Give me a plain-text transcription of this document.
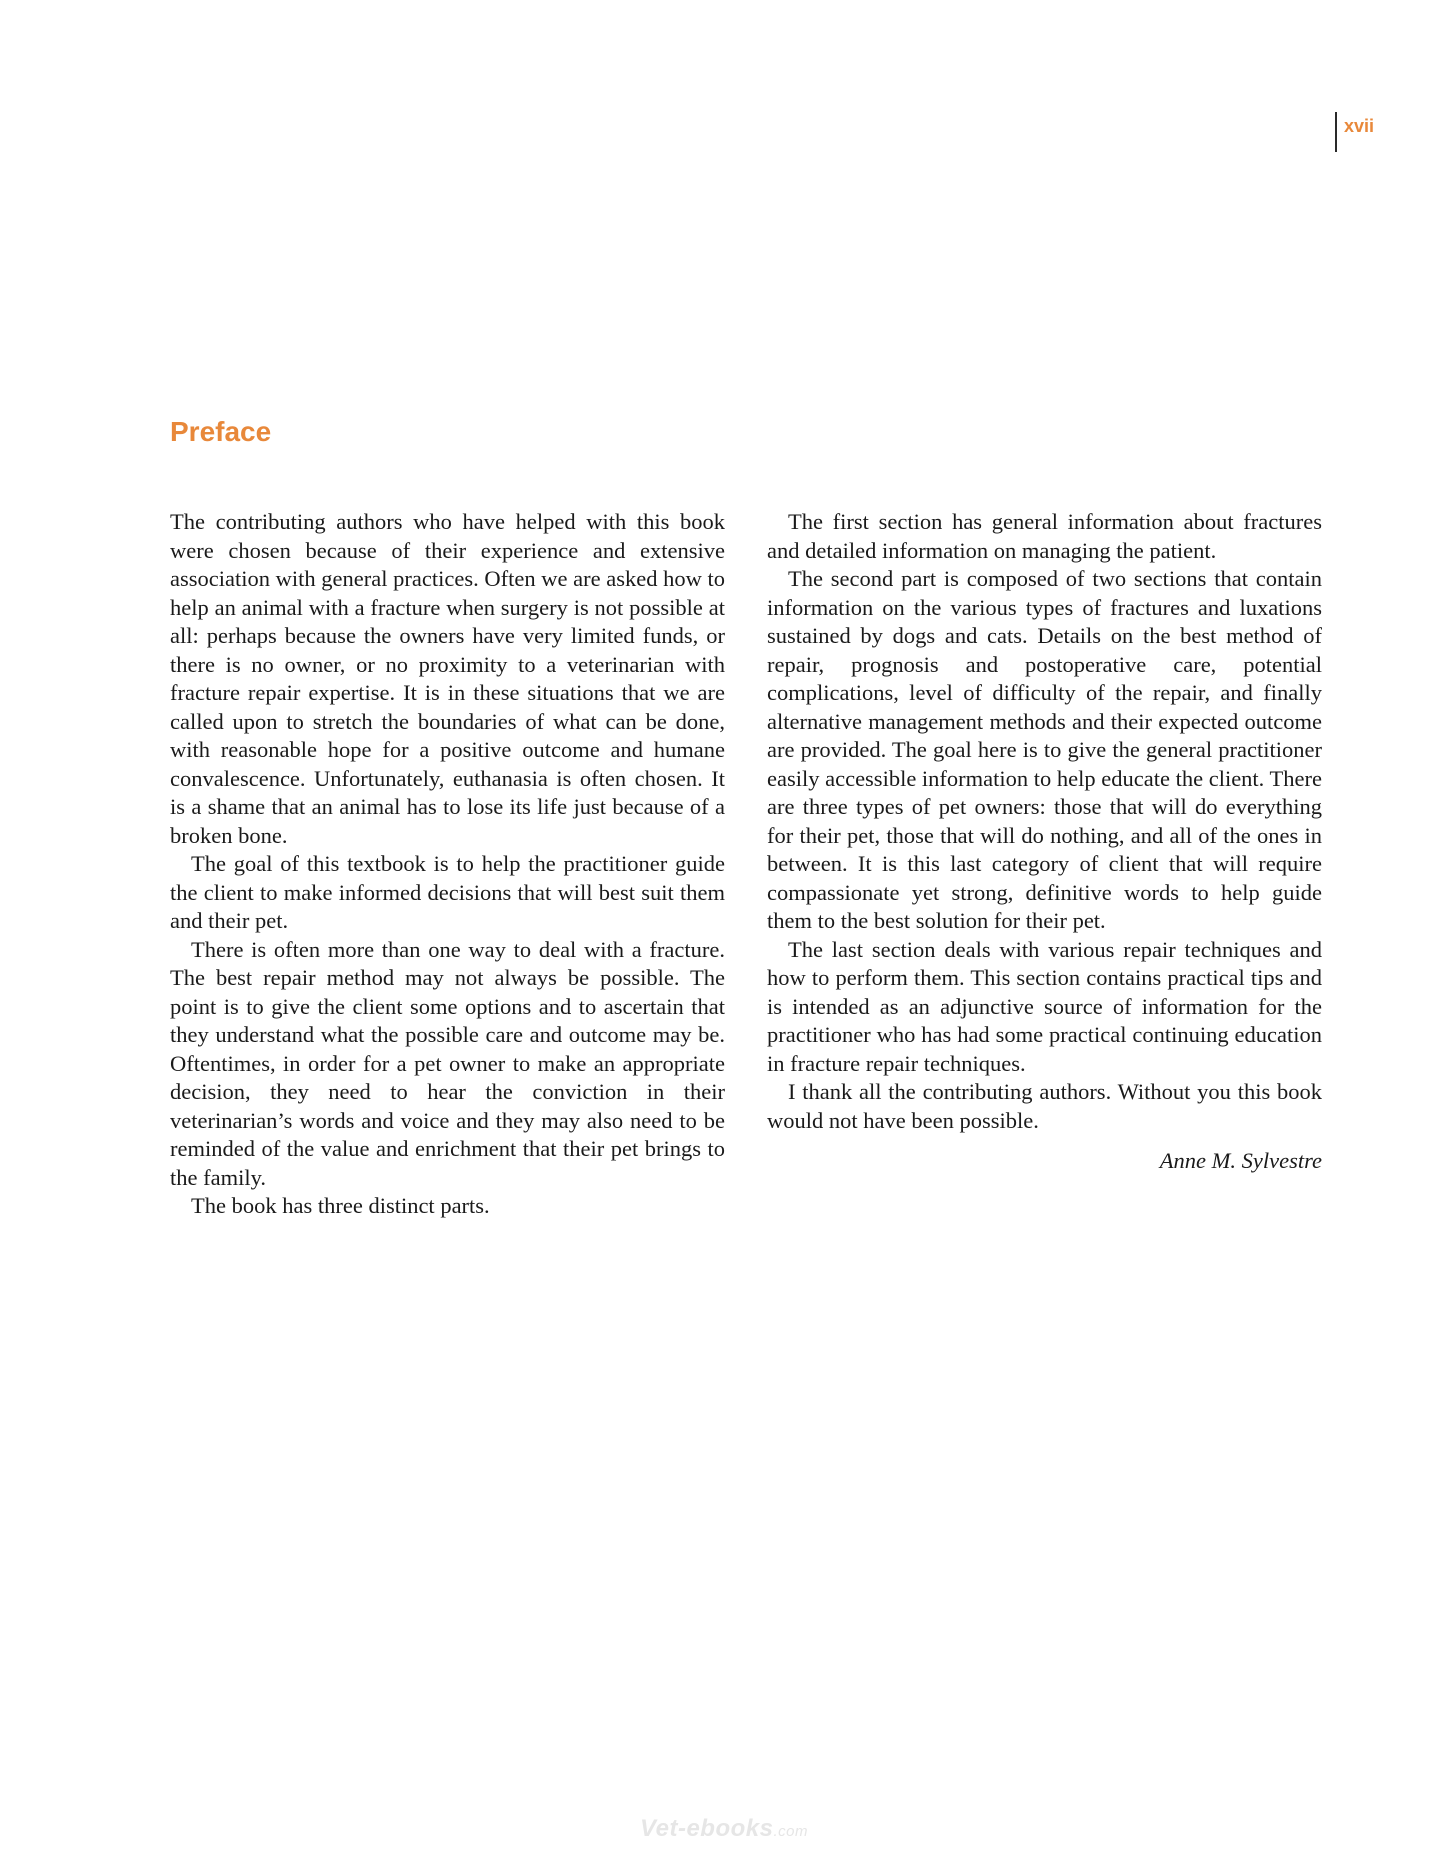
xvii
Preface

The contributing authors who have helped with this book were chosen because of their experience and extensive association with general practices. Often we are asked how to help an animal with a fracture when surgery is not possible at all: perhaps because the owners have very limited funds, or there is no owner, or no proximity to a veterinarian with fracture repair expertise. It is in these situations that we are called upon to stretch the boundaries of what can be done, with reasonable hope for a positive outcome and humane convalescence. Unfortunately, euthanasia is often chosen. It is a shame that an animal has to lose its life just because of a broken bone.

The goal of this textbook is to help the practitioner guide the client to make informed decisions that will best suit them and their pet.

There is often more than one way to deal with a fracture. The best repair method may not always be possible. The point is to give the client some options and to ascertain that they understand what the possible care and outcome may be. Oftentimes, in order for a pet owner to make an appropriate decision, they need to hear the conviction in their veterinarian’s words and voice and they may also need to be reminded of the value and enrichment that their pet brings to the family.

The book has three distinct parts.

The first section has general information about fractures and detailed information on managing the patient.

The second part is composed of two sections that contain information on the various types of fractures and luxations sustained by dogs and cats. Details on the best method of repair, prognosis and postoperative care, potential complications, level of difficulty of the repair, and finally alternative management methods and their expected outcome are provided. The goal here is to give the general practitioner easily accessible information to help educate the client. There are three types of pet owners: those that will do everything for their pet, those that will do nothing, and all of the ones in between. It is this last category of client that will require compassionate yet strong, definitive words to help guide them to the best solution for their pet.

The last section deals with various repair techniques and how to perform them. This section contains practical tips and is intended as an adjunctive source of information for the practitioner who has had some practical continuing education in fracture repair techniques.

I thank all the contributing authors. Without you this book would not have been possible.

Anne M. Sylvestre
Vet-ebooks.com
